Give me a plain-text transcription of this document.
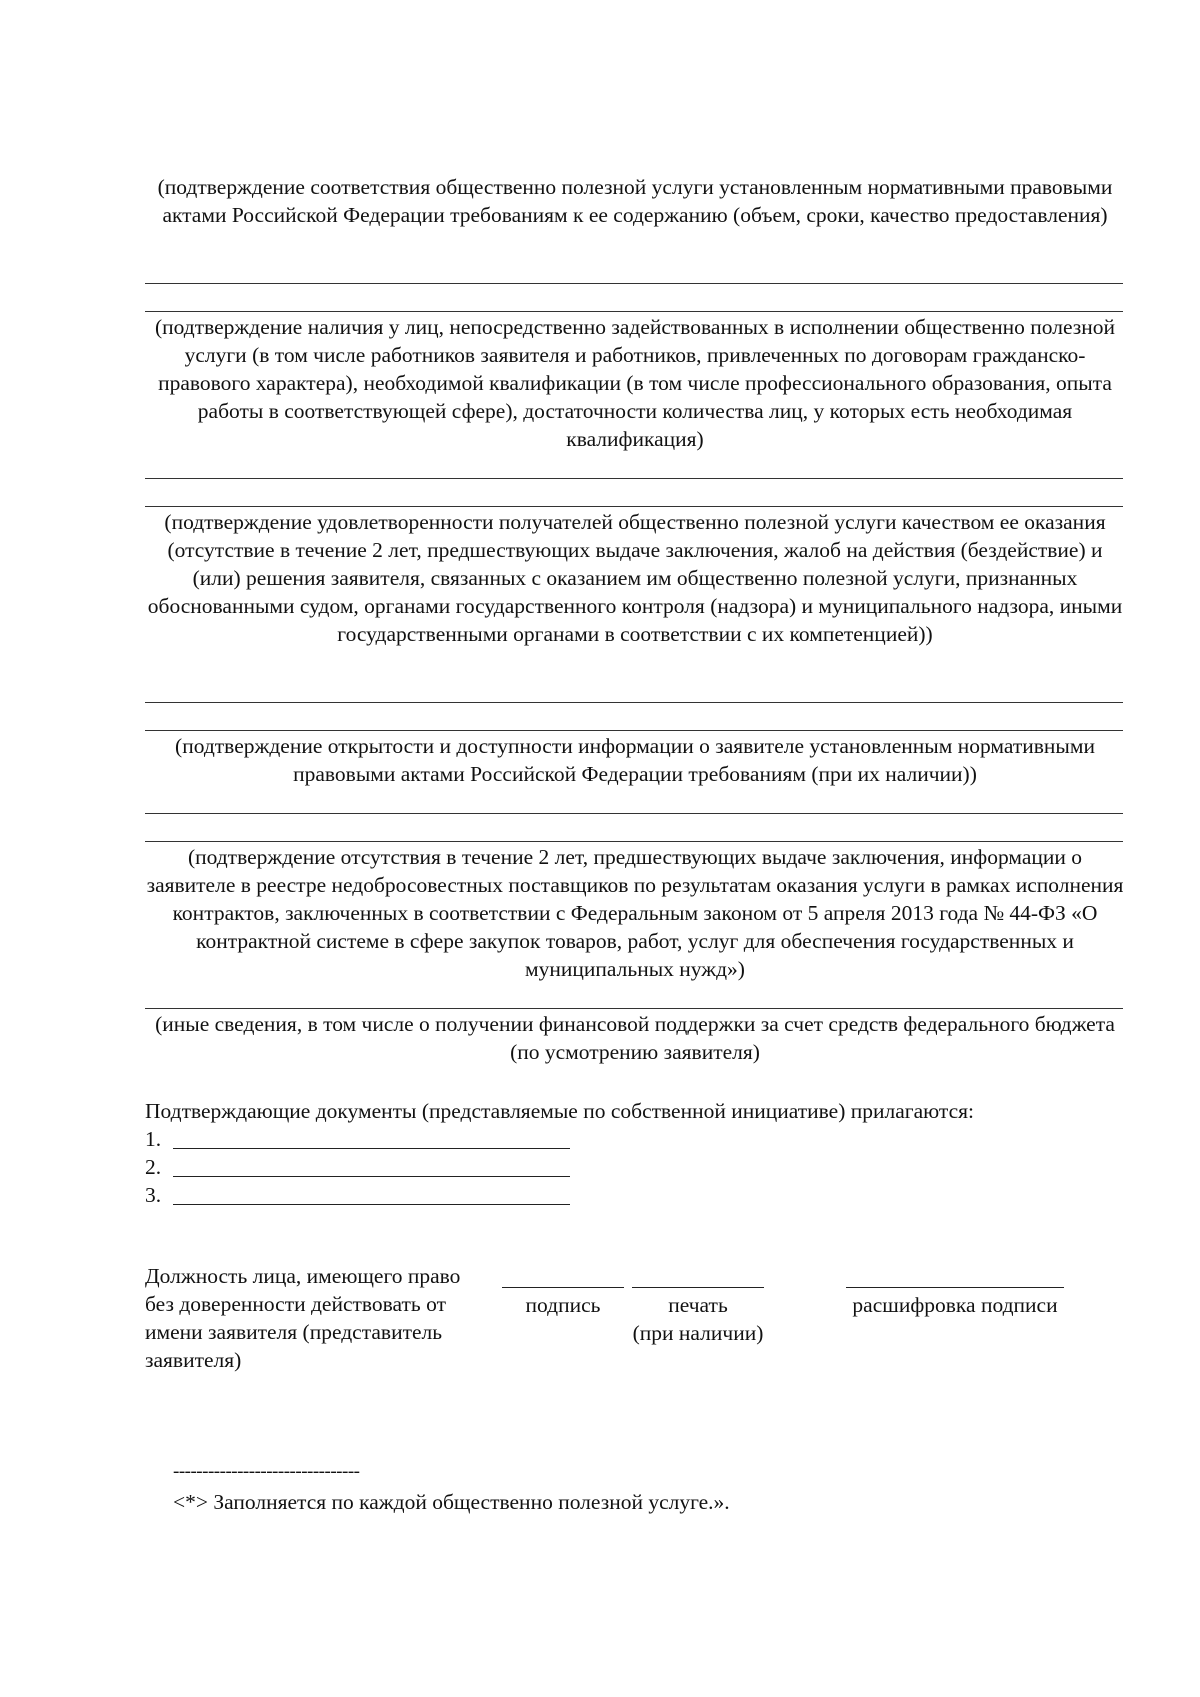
(подтверждение соответствия общественно полезной услуги установленным нормативными правовыми актами Российской Федерации требованиям к ее содержанию (объем, сроки, качество предоставления)
(подтверждение наличия у лиц, непосредственно задействованных в исполнении общественно полезной услуги (в том числе работников заявителя и работников, привлеченных по договорам гражданско-правового характера), необходимой квалификации (в том числе профессионального образования, опыта работы в соответствующей сфере), достаточности количества лиц, у которых есть необходимая квалификация)
(подтверждение удовлетворенности получателей общественно полезной услуги качеством ее оказания (отсутствие в течение 2 лет, предшествующих выдаче заключения, жалоб на действия (бездействие) и (или) решения заявителя, связанных с оказанием им общественно полезной услуги, признанных обоснованными судом, органами государственного контроля (надзора) и муниципального надзора, иными государственными органами в соответствии с их компетенцией))
(подтверждение открытости и доступности информации о заявителе установленным нормативными правовыми актами Российской Федерации требованиям (при их наличии))
(подтверждение отсутствия в течение 2 лет, предшествующих выдаче заключения, информации о заявителе в реестре недобросовестных поставщиков по результатам оказания услуги в рамках исполнения контрактов, заключенных в соответствии с Федеральным законом от 5 апреля 2013 года № 44-ФЗ «О контрактной системе в сфере закупок товаров, работ, услуг для обеспечения государственных и муниципальных нужд»)
(иные сведения, в том числе о получении финансовой поддержки за счет средств федерального бюджета (по усмотрению заявителя)
Подтверждающие документы (представляемые по собственной инициативе) прилагаются:
1.
2.
3.
Должность лица, имеющего право без доверенности действовать от имени заявителя (представитель заявителя)
подпись	печать
(при наличии)
расшифровка подписи
--------------------------------
<*> Заполняется по каждой общественно полезной услуге.».
